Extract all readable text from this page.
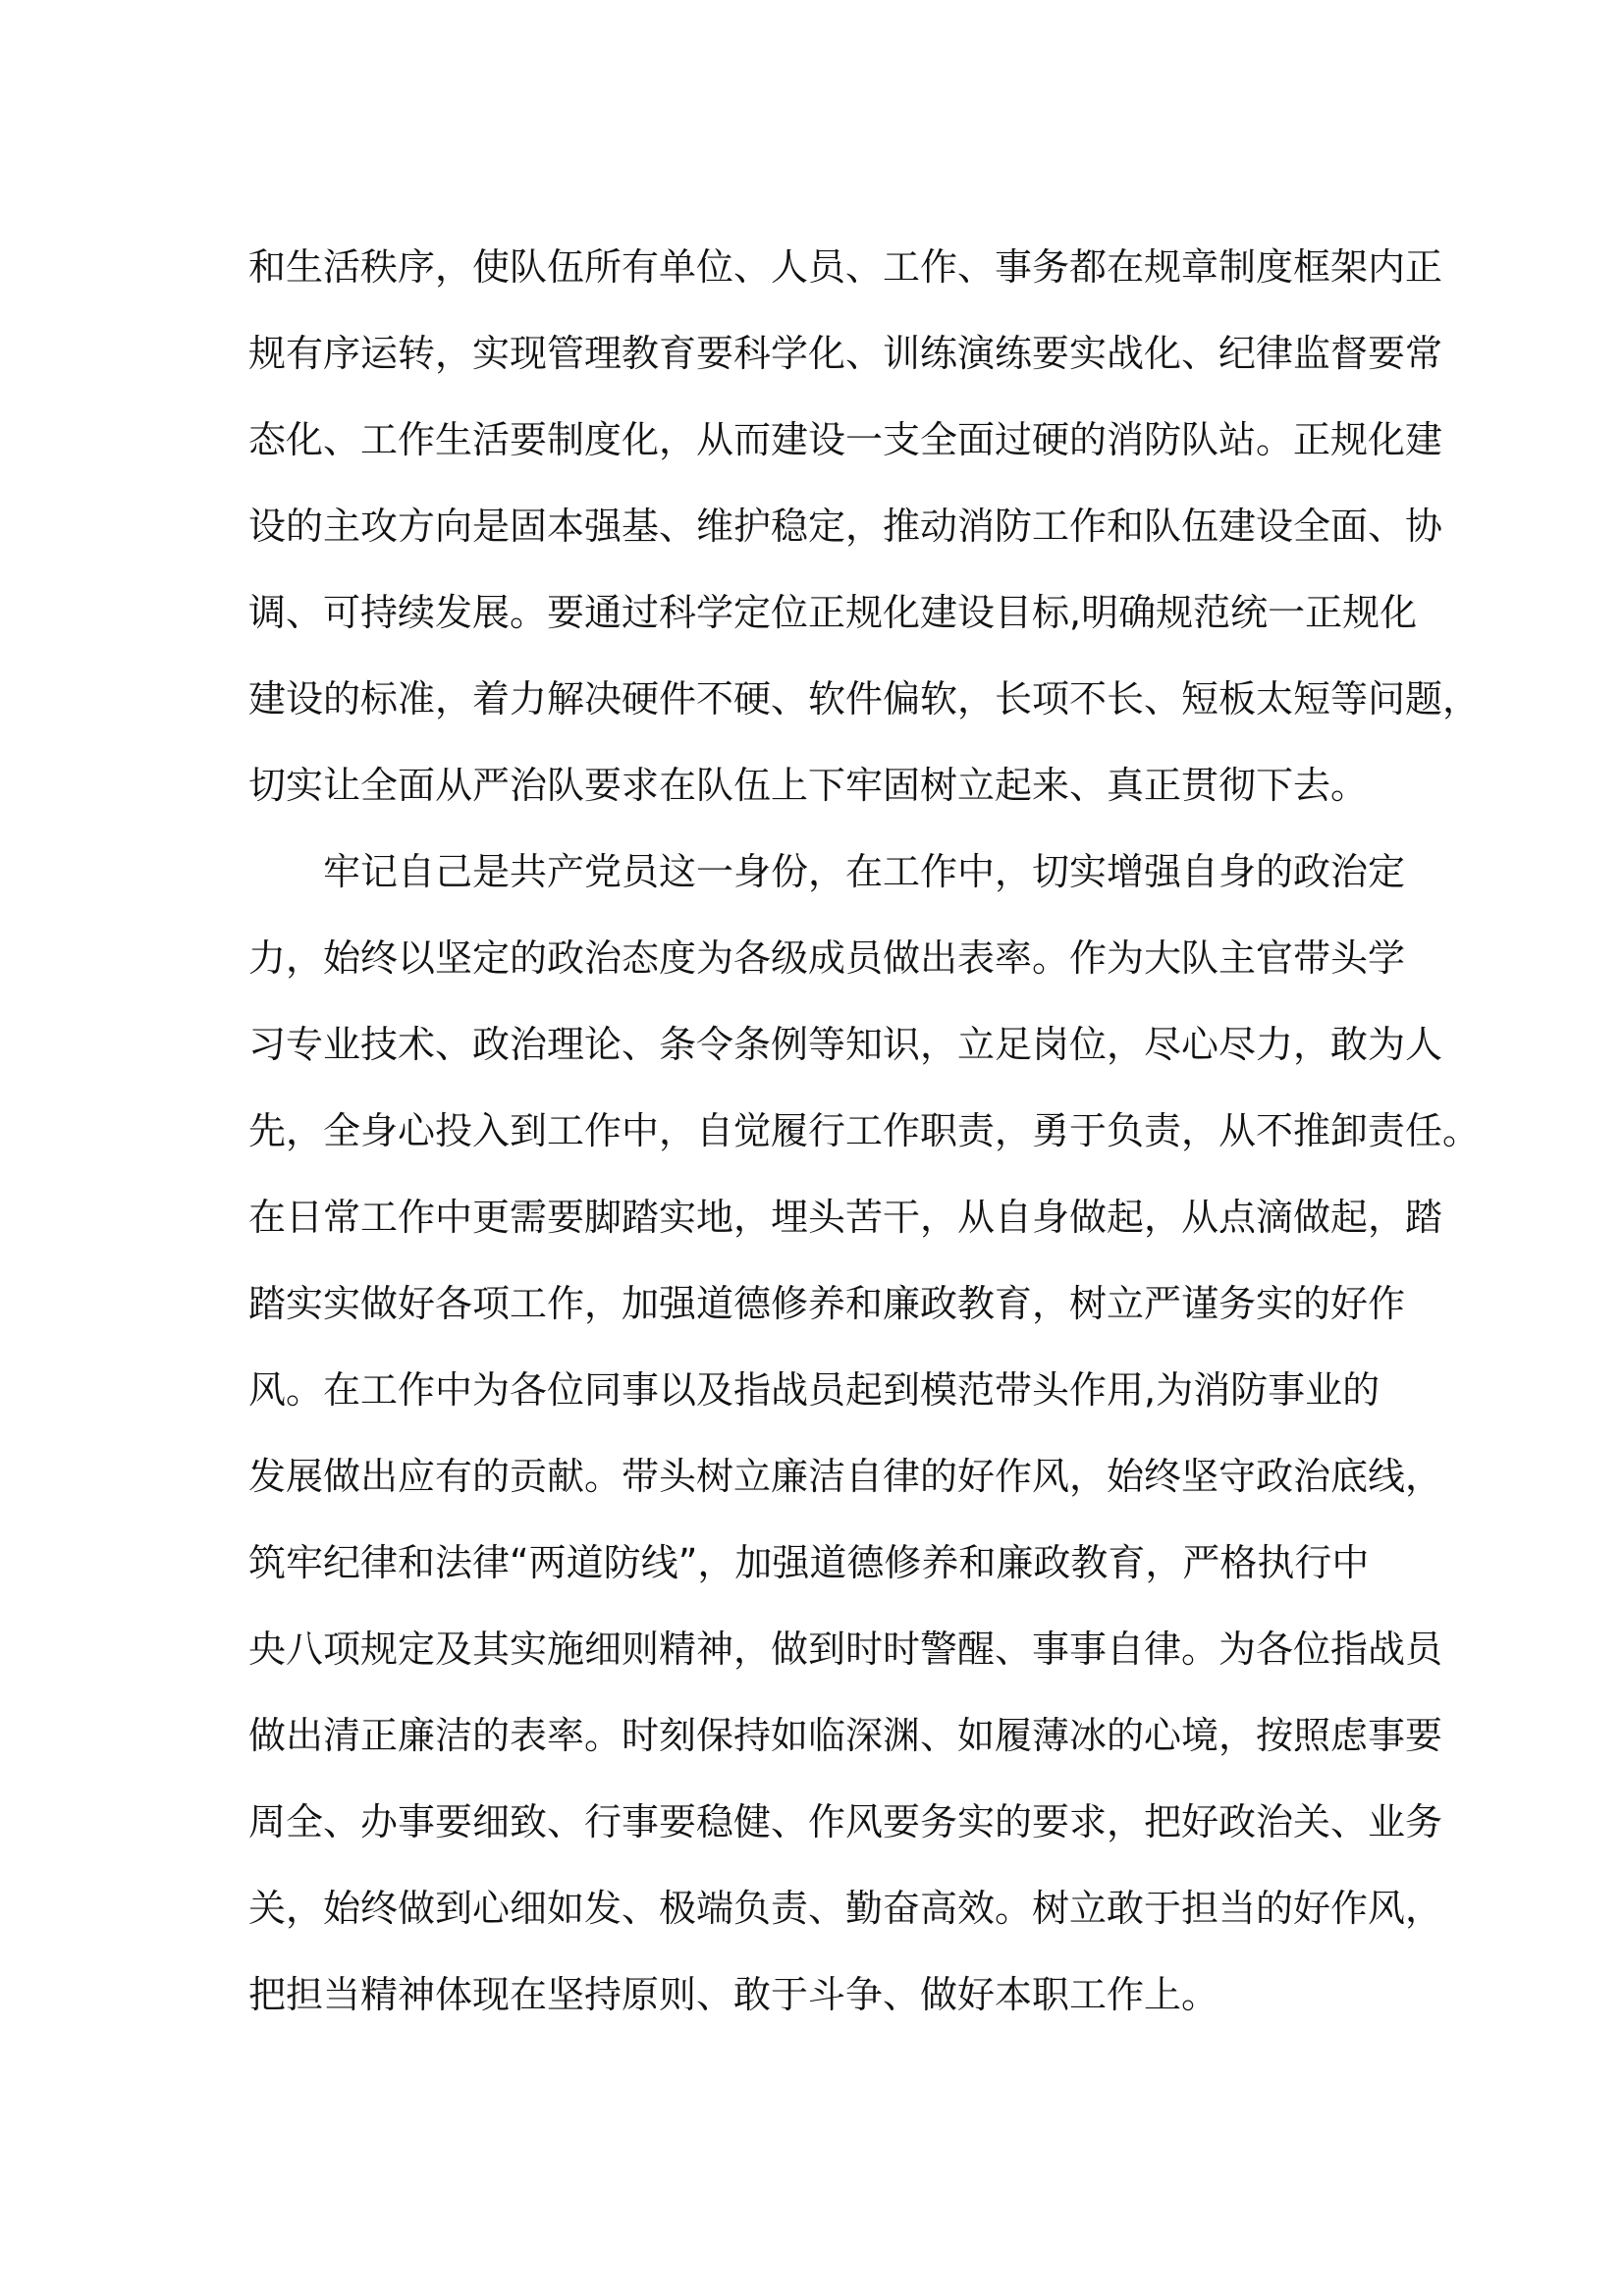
和生活秩序，使队伍所有单位、人员、工作、事务都在规章制度框架内正
规有序运转，实现管理教育要科学化、训练演练要实战化、纪律监督要常
态化、工作生活要制度化，从而建设一支全面过硬的消防队站。正规化建
设的主攻方向是固本强基、维护稳定，推动消防工作和队伍建设全面、协
调、可持续发展。要通过科学定位正规化建设目标,明确规范统一正规化
建设的标准，着力解决硬件不硬、软件偏软，长项不长、短板太短等问题，
切实让全面从严治队要求在队伍上下牢固树立起来、真正贯彻下去。
　　牢记自己是共产党员这一身份，在工作中，切实增强自身的政治定
力，始终以坚定的政治态度为各级成员做出表率。作为大队主官带头学
习专业技术、政治理论、条令条例等知识，立足岗位，尽心尽力，敢为人
先，全身心投入到工作中，自觉履行工作职责，勇于负责，从不推卸责任。
在日常工作中更需要脚踏实地，埋头苦干，从自身做起，从点滴做起，踏
踏实实做好各项工作，加强道德修养和廉政教育，树立严谨务实的好作
风。在工作中为各位同事以及指战员起到模范带头作用,为消防事业的
发展做出应有的贡献。带头树立廉洁自律的好作风，始终坚守政治底线，
筑牢纪律和法律“两道防线”，加强道德修养和廉政教育，严格执行中
央八项规定及其实施细则精神，做到时时警醒、事事自律。为各位指战员
做出清正廉洁的表率。时刻保持如临深渊、如履薄冰的心境，按照虑事要
周全、办事要细致、行事要稳健、作风要务实的要求，把好政治关、业务
关，始终做到心细如发、极端负责、勤奋高效。树立敢于担当的好作风，
把担当精神体现在坚持原则、敢于斗争、做好本职工作上。
